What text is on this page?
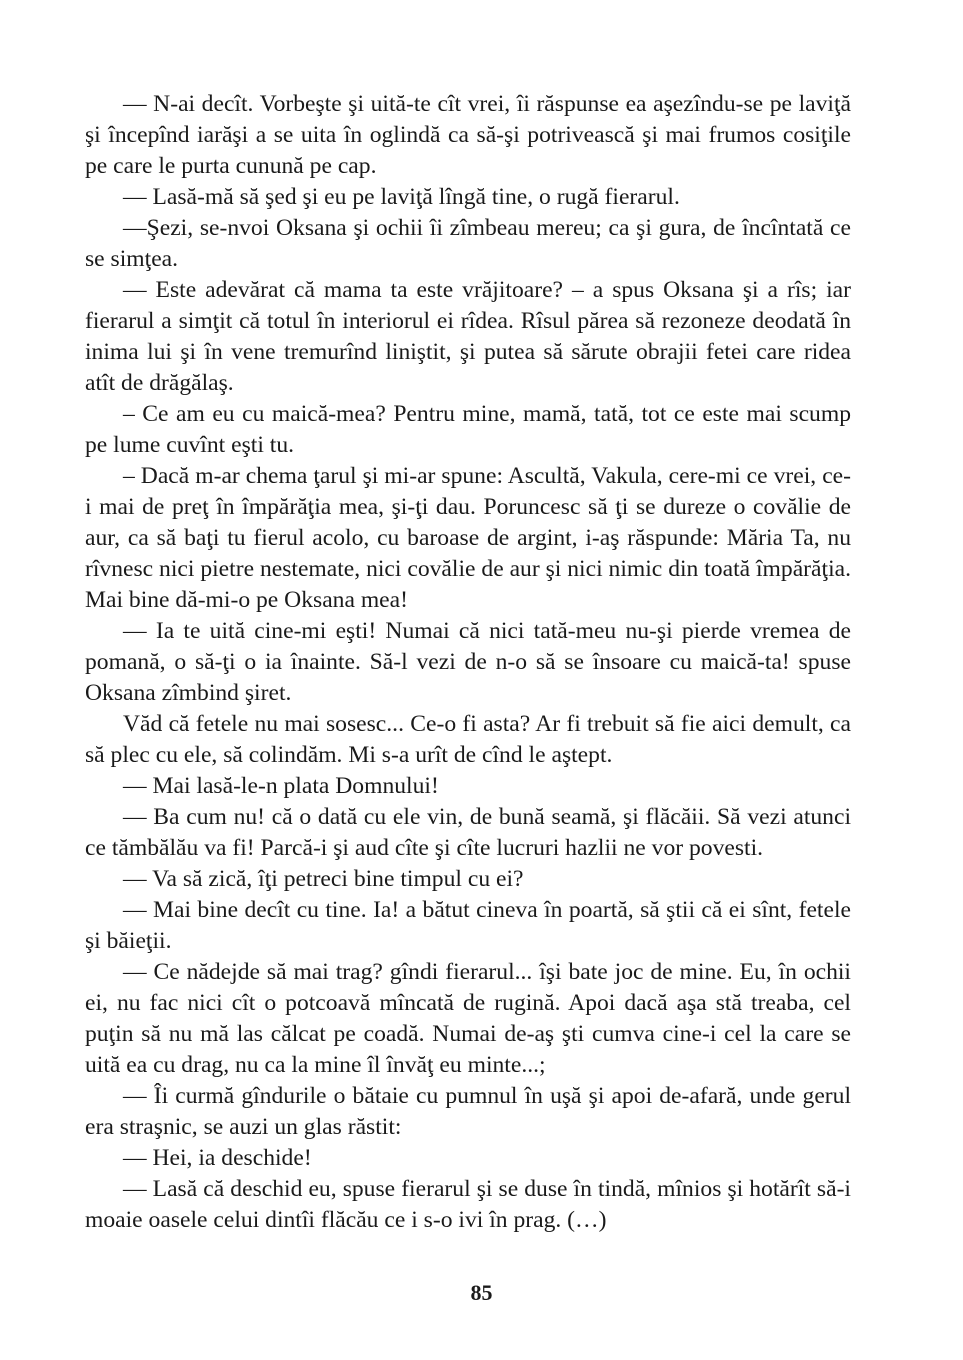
— N-ai decît. Vorbeşte şi uită-te cît vrei, îi răspunse ea aşezîndu-se pe laviţă şi începînd iarăşi a se uita în oglindă ca să-şi potrivească şi mai frumos cosiţile pe care le purta cunună pe cap.

— Lasă-mă să şed şi eu pe laviţă lîngă tine, o rugă fierarul.

—Şezi, se-nvoi Oksana şi ochii îi zîmbeau mereu; ca şi gura, de încîntată ce se simţea.

— Este adevărat că mama ta este vrăjitoare? – a spus Oksana şi a rîs; iar fierarul a simţit că totul în interiorul ei rîdea. Rîsul părea să rezoneze deodată în inima lui şi în vene tremurînd liniştit, şi putea să sărute obrajii fetei care ridea atît de drăgălaş.

– Ce am eu cu maică-mea? Pentru mine, mamă, tată, tot ce este mai scump pe lume cuvînt eşti tu.

– Dacă m-ar chema ţarul şi mi-ar spune: Ascultă, Vakula, cere-mi ce vrei, ce-i mai de preţ în împărăţia mea, şi-ţi dau. Poruncesc să ţi se dureze o covălie de aur, ca să baţi tu fierul acolo, cu baroase de argint, i-aş răspunde: Măria Ta, nu rîvnesc nici pietre nestemate, nici covălie de aur şi nici nimic din toată împărăţia. Mai bine dă-mi-o pe Oksana mea!

— Ia te uită cine-mi eşti! Numai că nici tată-meu nu-şi pierde vremea de pomană, o să-ţi o ia înainte. Să-l vezi de n-o să se însoare cu maică-ta! spuse Oksana zîmbind şiret.

Văd că fetele nu mai sosesc... Ce-o fi asta? Ar fi trebuit să fie aici demult, ca să plec cu ele, să colindăm. Mi s-a urît de cînd le aştept.

— Mai lasă-le-n plata Domnului!

— Ba cum nu! că o dată cu ele vin, de bună seamă, şi flăcăii. Să vezi atunci ce tămbălău va fi! Parcă-i şi aud cîte şi cîte lucruri hazlii ne vor povesti.

— Va să zică, îţi petreci bine timpul cu ei?

— Mai bine decît cu tine. Ia! a bătut cineva în poartă, să ştii că ei sînt, fetele şi băieţii.

— Ce nădejde să mai trag? gîndi fierarul... îşi bate joc de mine. Eu, în ochii ei, nu fac nici cît o potcoavă mîncată de rugină. Apoi dacă aşa stă treaba, cel puţin să nu mă las călcat pe coadă. Numai de-aş şti cumva cine-i cel la care se uită ea cu drag, nu ca la mine îl învăţ eu minte...;

— Îi curmă gîndurile o bătaie cu pumnul în uşă şi apoi de-afară, unde gerul era straşnic, se auzi un glas răstit:

— Hei, ia deschide!

— Lasă că deschid eu, spuse fierarul şi se duse în tindă, mînios şi hotărît să-i moaie oasele celui dintîi flăcău ce i s-o ivi în prag. (…)

85
